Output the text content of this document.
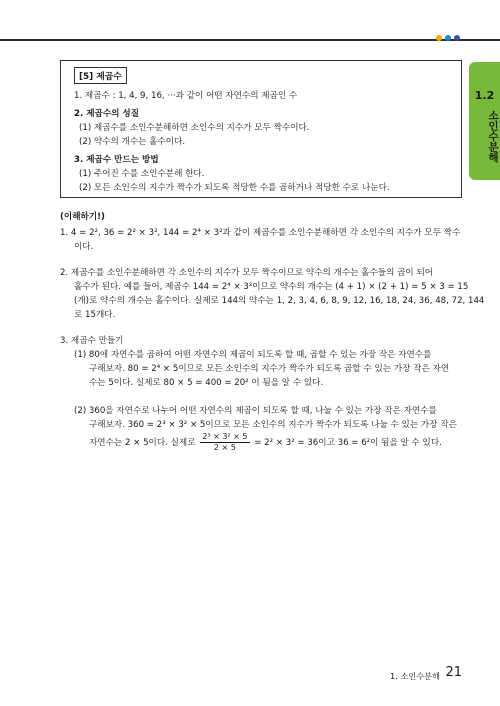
1.2
소인수분해
[5] 제곱수
1. 제곱수 : 1, 4, 9, 16, ···과 같이 어떤 자연수의 제곱인 수
2. 제곱수의 성질
(1) 제곱수를 소인수분해하면 소인수의 지수가 모두 짝수이다.
(2) 약수의 개수는 홀수이다.
3. 제곱수 만드는 방법
(1) 주어진 수를 소인수분해 한다.
(2) 모든 소인수의 지수가 짝수가 되도록 적당한 수를 곱하거나 적당한 수로 나눈다.
(이해하기!)
1. 4 = 2², 36 = 2² × 3², 144 = 2⁴ × 3²과 같이 제곱수를 소인수분해하면 각 소인수의 지수가 모두 짝수
이다.
2. 제곱수를 소인수분해하면 각 소인수의 지수가 모두 짝수이므로 약수의 개수는 홀수들의 곱이 되어
홀수가 된다. 예를 들어, 제곱수 144 = 2⁴ × 3²이므로 약수의 개수는 (4 + 1) × (2 + 1) = 5 × 3 = 15
(개)로 약수의 개수는 홀수이다. 실제로 144의 약수는 1, 2, 3, 4, 6, 8, 9, 12, 16, 18, 24, 36, 48, 72, 144
로 15개다.
3. 제곱수 만들기
(1) 80에 자연수를 곱하여 어떤 자연수의 제곱이 되도록 할 때, 곱할 수 있는 가장 작은 자연수를
구해보자. 80 = 2⁴ × 5이므로 모든 소인수의 지수가 짝수가 되도록 곱할 수 있는 가장 작은 자연
수는 5이다. 실제로 80 × 5 = 400 = 20² 이 됨을 알 수 있다.
(2) 360을 자연수로 나누어 어떤 자연수의 제곱이 되도록 할 때, 나눌 수 있는 가장 작은 자연수를
구해보자. 360 = 2³ × 3² × 5이므로 모든 소인수의 지수가 짝수가 되도록 나눌 수 있는 가장 작은
자연수는 2 × 5이다. 실제로 $\frac{\text{2³ × 3² × 5}}{2 \times 5} = 2^2 \times 3^2 = 36$이고 36 = 6²이 됨을 알 수 있다.
1. 소인수분해 21
